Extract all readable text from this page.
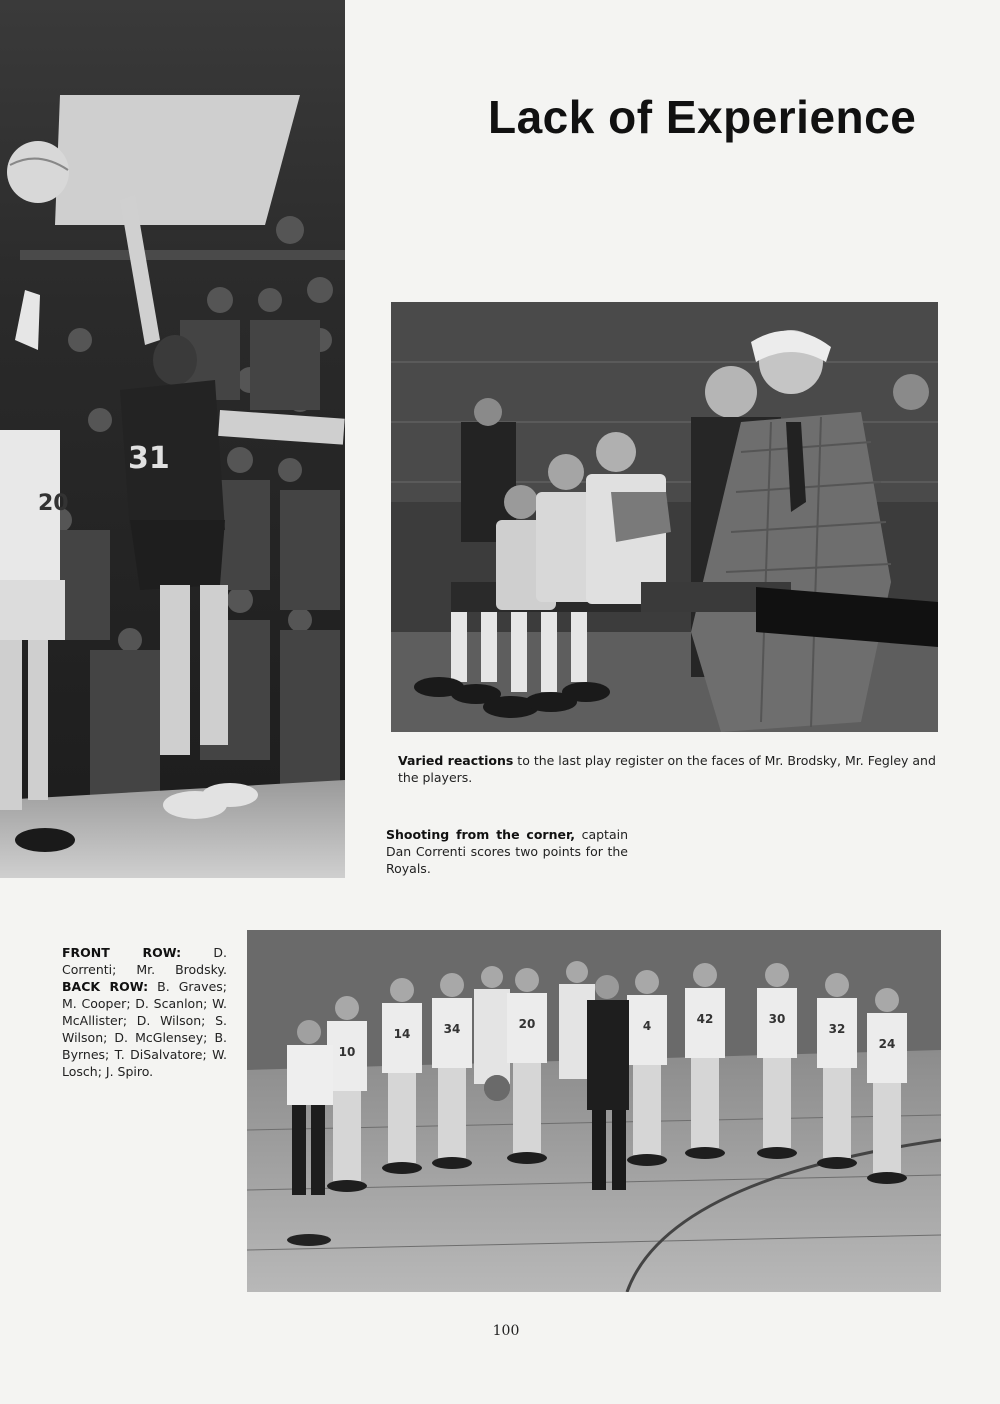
20
31
Lack of Experience

Varied reactions to the last play register on the faces of Mr. Brodsky, Mr. Fegley and the players.

Shooting from the corner, captain Dan Correnti scores two points for the Royals.

FRONT ROW: D. Correnti; Mr. Brodsky. BACK ROW: B. Graves; M. Cooper; D. Scanlon; W. McAllister; D. Wilson; S. Wilson; D. McGlensey; B. Byrnes; T. DiSalvatore; W. Losch; J. Spiro.

10
14	34	20	4	42	30
32
24
100
